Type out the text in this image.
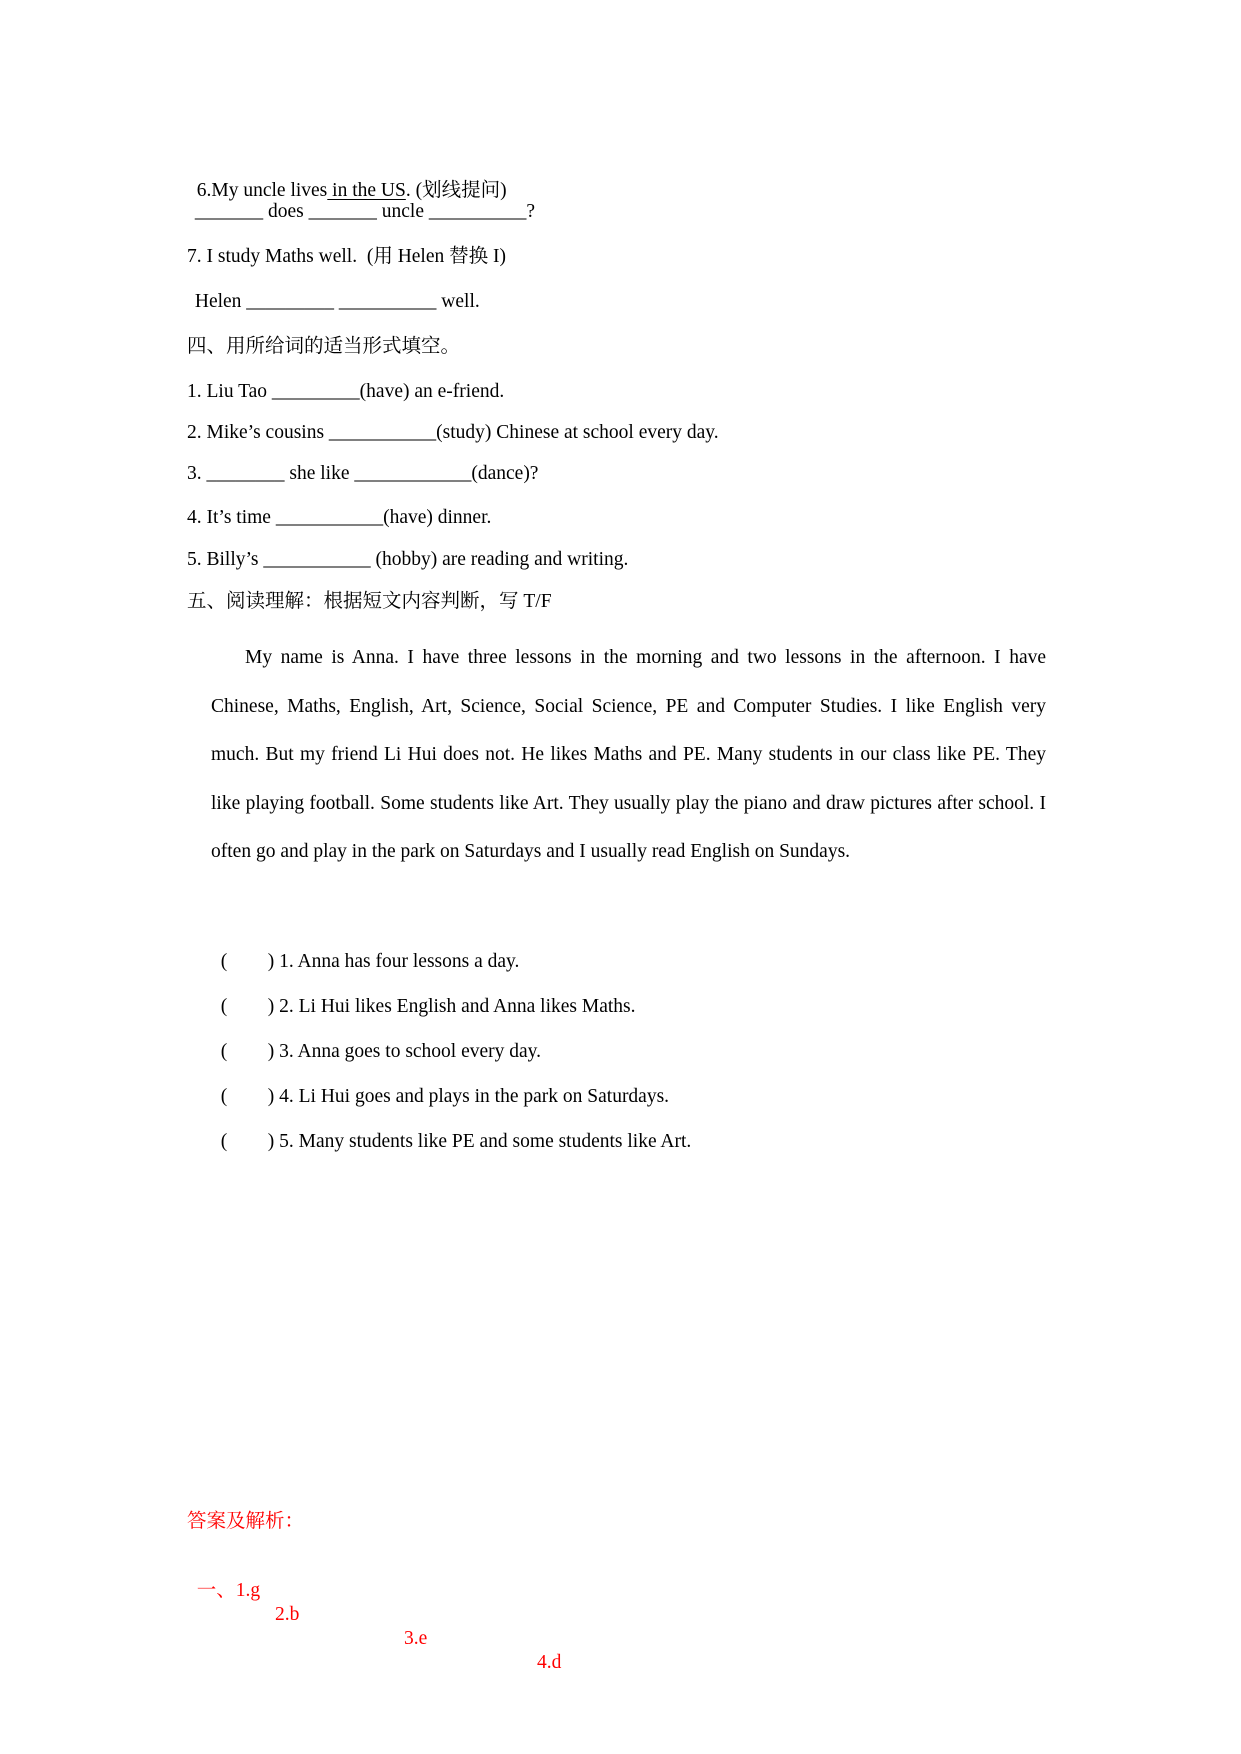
6.My uncle lives in the US. (划线提问)

_______ does _______ uncle __________?
7. I study Maths well.  (用 Helen 替换 I)
Helen _________ __________ well.
四、用所给词的适当形式填空。
1. Liu Tao _________(have) an e-friend.
2. Mike’s cousins ___________(study) Chinese at school every day.
3. ________ she like ____________(dance)?
4. It’s time ___________(have) dinner.
5. Billy’s ___________ (hobby) are reading and writing.
五、阅读理解：根据短文内容判断，写 T/F
My name is Anna. I have three lessons in the morning and two lessons in the afternoon. I have Chinese, Maths, English, Art, Science, Social Science, PE and Computer Studies. I like English very much. But my friend Li Hui does not. He likes Maths and PE. Many students in our class like PE. They like playing football. Some students like Art. They usually play the piano and draw pictures after school. I often go and play in the park on Saturdays and I usually read English on Sundays.

( ) 1. Anna has four lessons a day.

( ) 2. Li Hui likes English and Anna likes Maths.

( ) 3. Anna goes to school every day.

( ) 4. Li Hui goes and plays in the park on Saturdays.

( ) 5. Many students like PE and some students like Art.

答案及解析：

一、1.g

2.b

3.e

4.d
